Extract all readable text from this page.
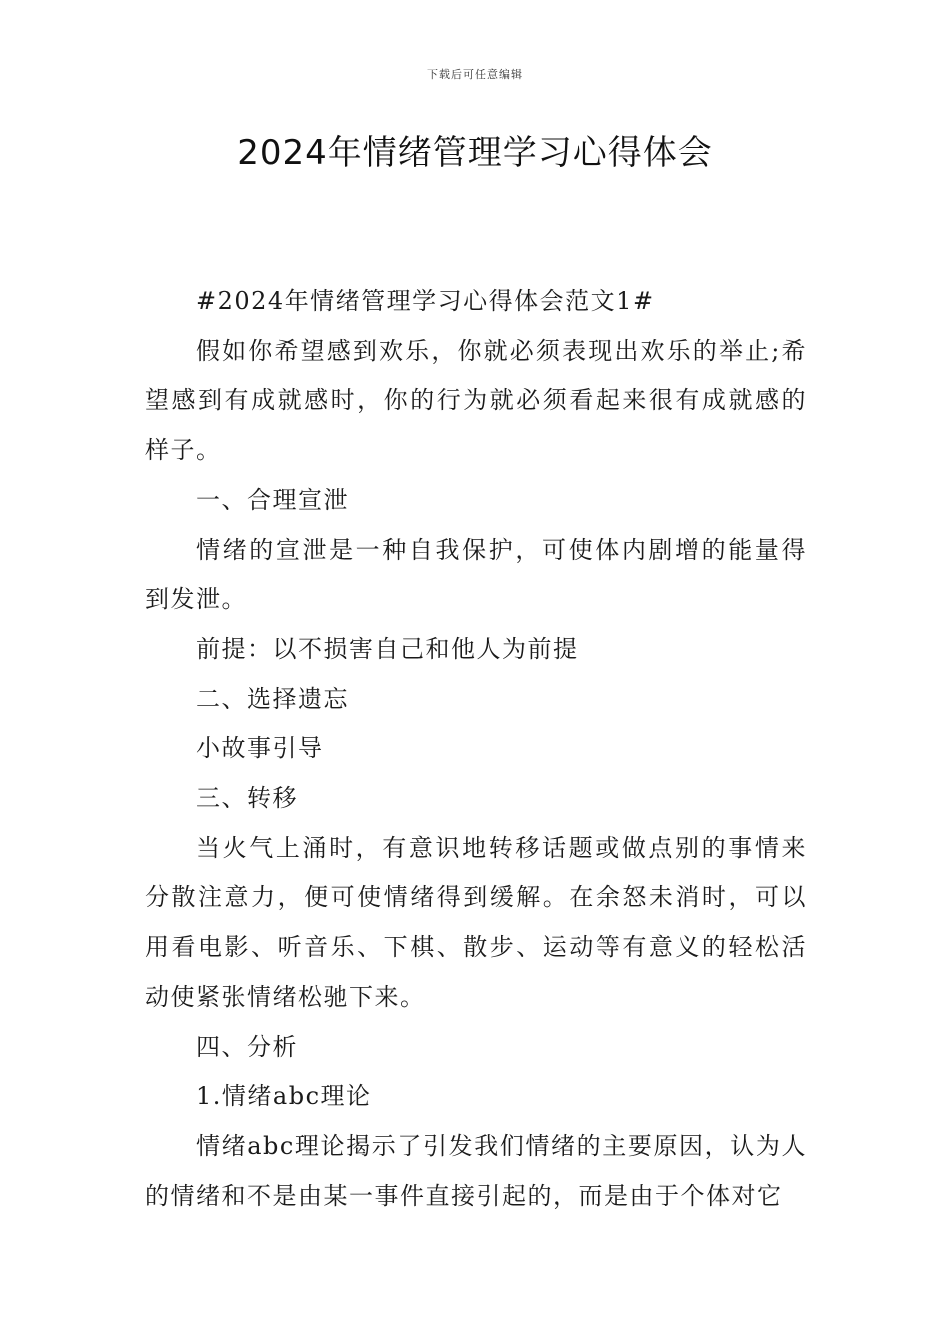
下载后可任意编辑
2024年情绪管理学习心得体会

#2024年情绪管理学习心得体会范文1#

假如你希望感到欢乐，你就必须表现出欢乐的举止;希望感到有成就感时，你的行为就必须看起来很有成就感的样子。

一、合理宣泄

情绪的宣泄是一种自我保护，可使体内剧增的能量得到发泄。

前提：以不损害自己和他人为前提

二、选择遗忘

小故事引导

三、转移

当火气上涌时，有意识地转移话题或做点别的事情来分散注意力，便可使情绪得到缓解。在余怒未消时，可以用看电影、听音乐、下棋、散步、运动等有意义的轻松活动使紧张情绪松驰下来。

四、分析

1.情绪abc理论

情绪abc理论揭示了引发我们情绪的主要原因，认为人的情绪和不是由某一事件直接引起的，而是由于个体对它
